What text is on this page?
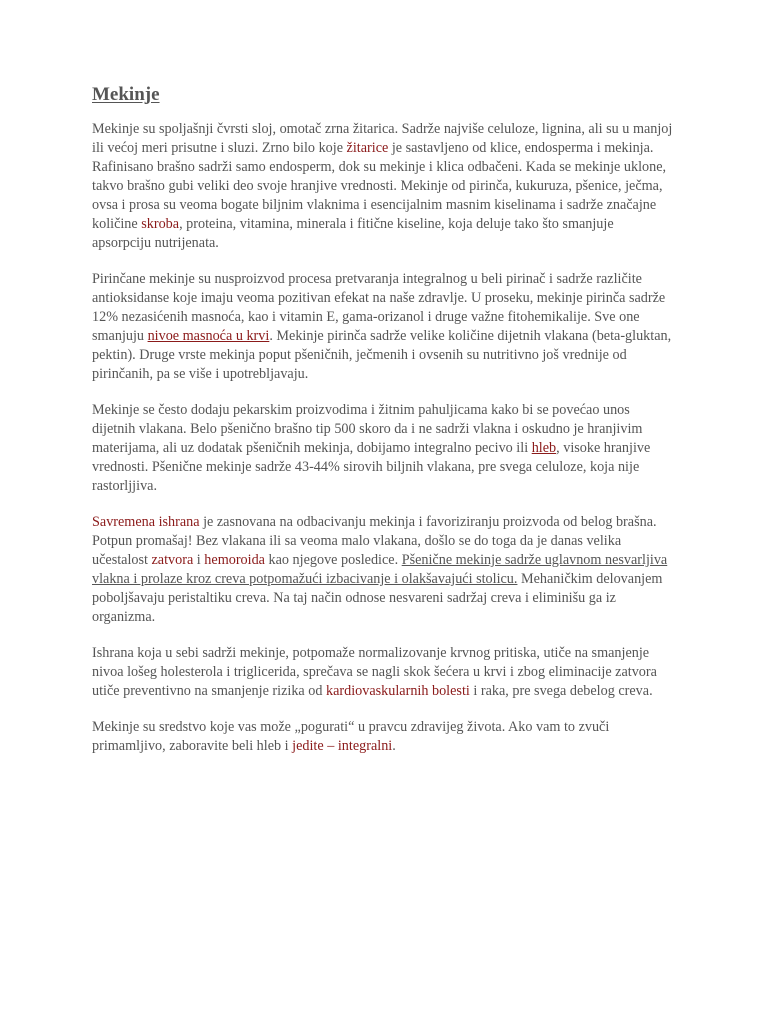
Mekinje

Mekinje su spoljašnji čvrsti sloj, omotač zrna žitarica. Sadrže najviše celuloze, lignina, ali su u manjoj ili većoj meri prisutne i sluzi. Zrno bilo koje žitarice je sastavljeno od klice, endosperma i mekinja. Rafinisano brašno sadrži samo endosperm, dok su mekinje i klica odbačeni. Kada se mekinje uklone, takvo brašno gubi veliki deo svoje hranjive vrednosti. Mekinje od pirinča, kukuruza, pšenice, ječma, ovsa i prosa su veoma bogate biljnim vlaknima i esencijalnim masnim kiselinama i sadrže značajne količine skroba, proteina, vitamina, minerala i fitične kiseline, koja deluje tako što smanjuje apsorpciju nutrijenata.

Pirinčane mekinje su nusproizvod procesa pretvaranja integralnog u beli pirinač i sadrže različite antioksidanse koje imaju veoma pozitivan efekat na naše zdravlje. U proseku, mekinje pirinča sadrže 12% nezasićenih masnoća, kao i vitamin E, gama-orizanol i druge važne fitohemikalije. Sve one smanjuju nivoe masnoća u krvi. Mekinje pirinča sadrže velike količine dijetnih vlakana (beta-gluktan, pektin). Druge vrste mekinja poput pšeničnih, ječmenih i ovsenih su nutritivno još vrednije od pirinčanih, pa se više i upotrebljavaju.

Mekinje se često dodaju pekarskim proizvodima i žitnim pahuljicama kako bi se povećao unos dijetnih vlakana. Belo pšenično brašno tip 500 skoro da i ne sadrži vlakna i oskudno je hranjivim materijama, ali uz dodatak pšeničnih mekinja, dobijamo integralno pecivo ili hleb, visoke hranjive vrednosti. Pšenične mekinje sadrže 43-44% sirovih biljnih vlakana, pre svega celuloze, koja nije rastorljjiva.

Savremena ishrana je zasnovana na odbacivanju mekinja i favoriziranju proizvoda od belog brašna. Potpun promašaj! Bez vlakana ili sa veoma malo vlakana, došlo se do toga da je danas velika učestalost zatvora i hemoroida kao njegove posledice. Pšenične mekinje sadrže uglavnom nesvarljiva vlakna i prolaze kroz creva potpomažući izbacivanje i olakšavajući stolicu. Mehaničkim delovanjem poboljšavaju peristaltiku creva. Na taj način odnose nesvareni sadržaj creva i eliminišu ga iz organizma.

Ishrana koja u sebi sadrži mekinje, potpomaže normalizovanje krvnog pritiska, utiče na smanjenje nivoa lošeg holesterola i triglicerida, sprečava se nagli skok šećera u krvi i zbog eliminacije zatvora utiče preventivno na smanjenje rizika od kardiovaskularnih bolesti i raka, pre svega debelog creva.

Mekinje su sredstvo koje vas može „pogurati“ u pravcu zdravijeg života. Ako vam to zvuči primamljivo, zaboravite beli hleb i jedite – integralni.
